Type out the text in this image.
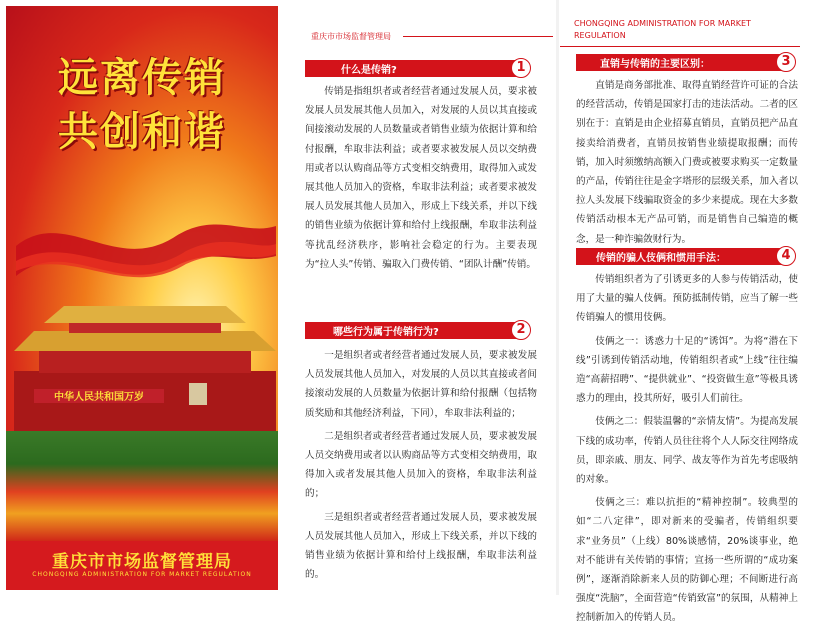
远离传销
共创和谐
中华人民共和国万岁
重庆市市场监督管理局
CHONGQING ADMINISTRATION FOR MARKET REGULATION
重庆市市场监督管理局
什么是传销?	1

传销是指组织者或者经营者通过发展人员，要求被发展人员发展其他人员加入，对发展的人员以其直接或间接滚动发展的人员数量或者销售业绩为依据计算和给付报酬，牟取非法利益；或者要求被发展人员以交纳费用或者以认购商品等方式变相交纳费用，取得加入或发展其他人员加入的资格，牟取非法利益；或者要求被发展人员发展其他人员加入，形成上下线关系，并以下线的销售业绩为依据计算和给付上线报酬，牟取非法利益等扰乱经济秩序，影响社会稳定的行为。主要表现为“拉人头”传销、骗取入门费传销、“团队计酬”传销。

哪些行为属于传销行为?	2

一是组织者或者经营者通过发展人员，要求被发展人员发展其他人员加入，对发展的人员以其直接或者间接滚动发展的人员数量为依据计算和给付报酬（包括物质奖励和其他经济利益，下同），牟取非法利益的；

二是组织者或者经营者通过发展人员，要求被发展人员交纳费用或者以认购商品等方式变相交纳费用，取得加入或者发展其他人员加入的资格，牟取非法利益的；

三是组织者或者经营者通过发展人员，要求被发展人员发展其他人员加入，形成上下线关系，并以下线的销售业绩为依据计算和给付上线报酬，牟取非法利益的。

CHONGQING ADMINISTRATION FOR MARKET REGULATION
直销与传销的主要区别：	3

直销是商务部批准、取得直销经营许可证的合法的经营活动，传销是国家打击的违法活动。二者的区别在于：直销是由企业招募直销员，直销员把产品直接卖给消费者，直销员按销售业绩提取报酬；而传销，加入时须缴纳高额入门费或被要求购买一定数量的产品，传销往往是金字塔形的层级关系，加入者以拉人头发展下线骗取资金的多少来提成。现在大多数传销活动根本无产品可销，而是销售自己编造的概念，是一种诈骗敛财行为。

传销的骗人伎俩和惯用手法：	4

传销组织者为了引诱更多的人参与传销活动，使用了大量的骗人伎俩。预防抵制传销，应当了解一些传销骗人的惯用伎俩。

伎俩之一：诱惑力十足的“诱饵”。为将“潜在下线”引诱到传销活动地，传销组织者或“上线”往往编造“高薪招聘”、“提供就业”、“投资做生意”等极具诱惑力的理由，投其所好，吸引人们前往。

伎俩之二：假装温馨的“亲情友情”。为提高发展下线的成功率，传销人员往往将个人人际交往网络成员，即亲戚、朋友、同学、战友等作为首先考虑吸纳的对象。

伎俩之三：难以抗拒的“精神控制”。较典型的如“二八定律”，即对新来的受骗者，传销组织要求“业务员”（上线）80%谈感情，20%谈事业，绝对不能讲有关传销的事情；宣扬一些所谓的“成功案例”，逐渐消除新来人员的防御心理；不间断进行高强度“洗脑”，全面营造“传销致富”的氛围，从精神上控制新加入的传销人员。
